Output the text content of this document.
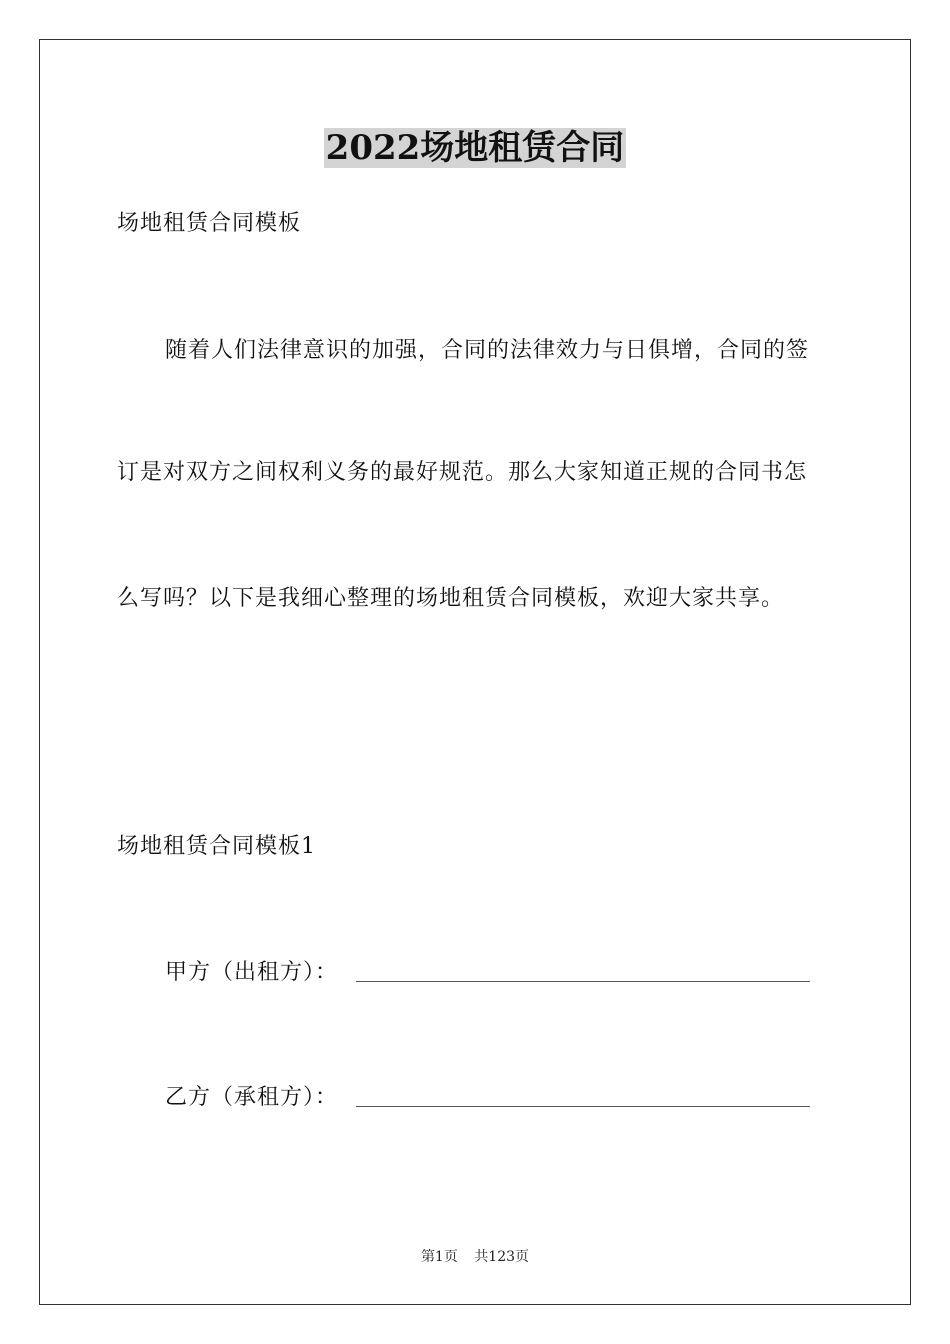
2022场地租赁合同
场地租赁合同模板
随着人们法律意识的加强，合同的法律效力与日俱增，合同的签
订是对双方之间权利义务的最好规范。那么大家知道正规的合同书怎
么写吗？以下是我细心整理的场地租赁合同模板，欢迎大家共享。
场地租赁合同模板1
甲方（出租方）：
乙方（承租方）：
第1页 共123页
